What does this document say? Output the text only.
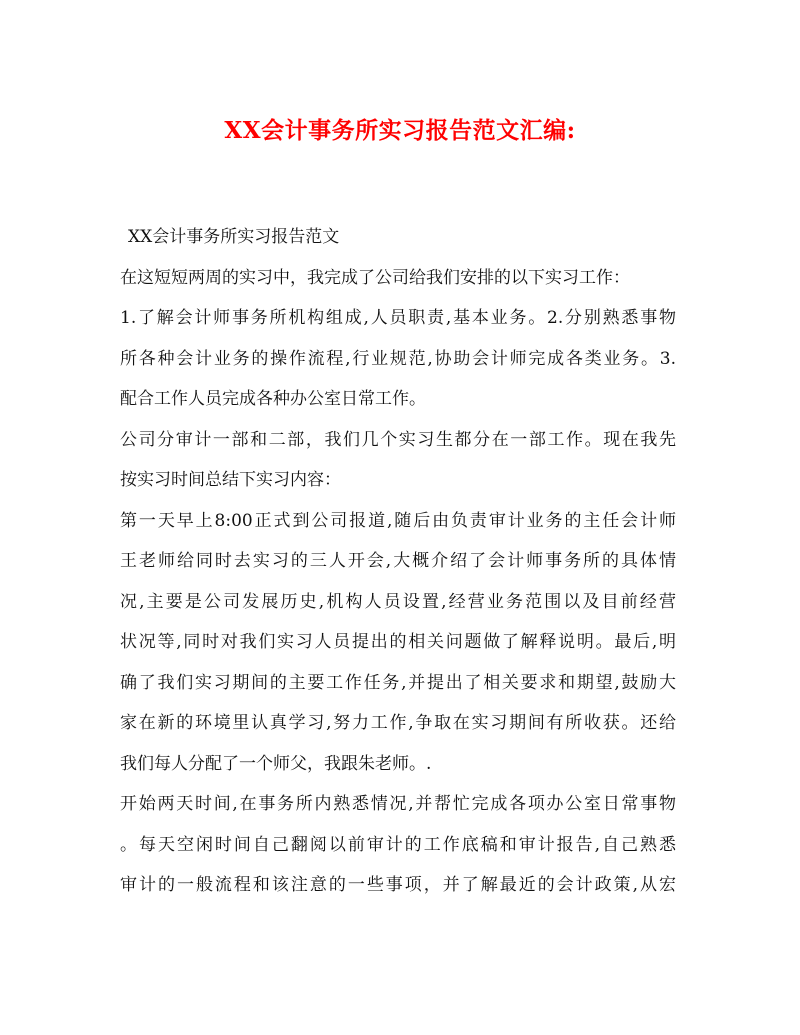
XX会计事务所实习报告范文汇编:
XX会计事务所实习报告范文
在这短短两周的实习中，我完成了公司给我们安排的以下实习工作：
1.了解会计师事务所机构组成,人员职责,基本业务。2.分别熟悉事物
所各种会计业务的操作流程,行业规范,协助会计师完成各类业务。3.
配合工作人员完成各种办公室日常工作。
公司分审计一部和二部，我们几个实习生都分在一部工作。现在我先
按实习时间总结下实习内容：
第一天早上8:00正式到公司报道,随后由负责审计业务的主任会计师
王老师给同时去实习的三人开会,大概介绍了会计师事务所的具体情
况,主要是公司发展历史,机构人员设置,经营业务范围以及目前经营
状况等,同时对我们实习人员提出的相关问题做了解释说明。最后,明
确了我们实习期间的主要工作任务,并提出了相关要求和期望,鼓励大
家在新的环境里认真学习,努力工作,争取在实习期间有所收获。还给
我们每人分配了一个师父，我跟朱老师。.
开始两天时间,在事务所内熟悉情况,并帮忙完成各项办公室日常事物
。每天空闲时间自己翻阅以前审计的工作底稿和审计报告,自己熟悉
审计的一般流程和该注意的一些事项，并了解最近的会计政策,从宏
